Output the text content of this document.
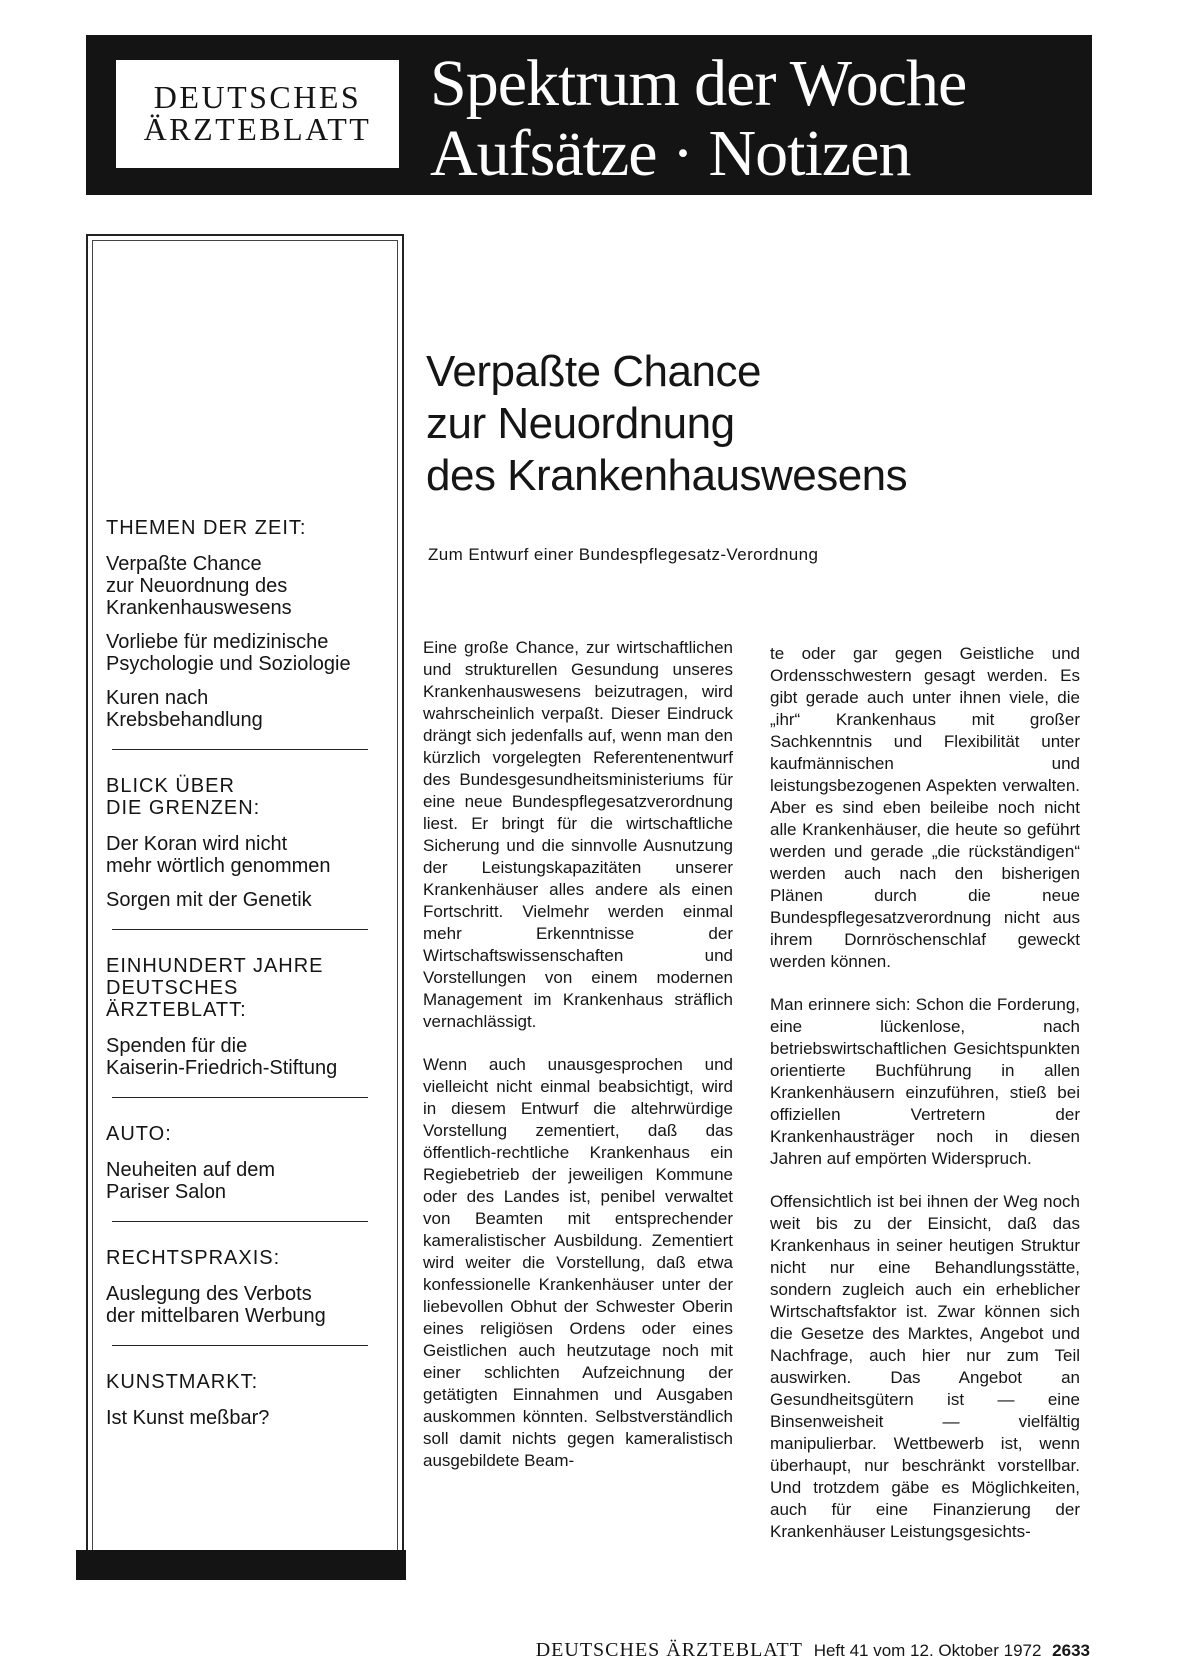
DEUTSCHES
ÄRZTEBLATT
Spektrum der Woche
Aufsätze · Notizen
THEMEN DER ZEIT:
Verpaßte Chance
zur Neuordnung des
Krankenhauswesens
Vorliebe für medizinische
Psychologie und Soziologie
Kuren nach
Krebsbehandlung
BLICK ÜBER
DIE GRENZEN:
Der Koran wird nicht
mehr wörtlich genommen
Sorgen mit der Genetik
EINHUNDERT JAHRE
DEUTSCHES
ÄRZTEBLATT:
Spenden für die
Kaiserin-Friedrich-Stiftung
AUTO:
Neuheiten auf dem
Pariser Salon
RECHTSPRAXIS:
Auslegung des Verbots
der mittelbaren Werbung
KUNSTMARKT:
Ist Kunst meßbar?
Verpaßte Chance
zur Neuordnung
des Krankenhauswesens
Zum Entwurf einer Bundespflegesatz-Verordnung

Eine große Chance, zur wirtschaftlichen und strukturellen Gesundung unseres Krankenhauswesens beizutragen, wird wahrscheinlich verpaßt. Dieser Eindruck drängt sich jedenfalls auf, wenn man den kürzlich vorgelegten Referentenentwurf des Bundesgesundheitsministeriums für eine neue Bundespflegesatzverordnung liest. Er bringt für die wirtschaftliche Sicherung und die sinnvolle Ausnutzung der Leistungskapazitäten unserer Krankenhäuser alles andere als einen Fortschritt. Vielmehr werden einmal mehr Erkenntnisse der Wirtschaftswissenschaften und Vorstellungen von einem modernen Management im Krankenhaus sträflich vernachlässigt.

Wenn auch unausgesprochen und vielleicht nicht einmal beabsichtigt, wird in diesem Entwurf die altehrwürdige Vorstellung zementiert, daß das öffentlich-rechtliche Krankenhaus ein Regiebetrieb der jeweiligen Kommune oder des Landes ist, penibel verwaltet von Beamten mit entsprechender kameralistischer Ausbildung. Zementiert wird weiter die Vorstellung, daß etwa konfessionelle Krankenhäuser unter der liebevollen Obhut der Schwester Oberin eines religiösen Ordens oder eines Geistlichen auch heutzutage noch mit einer schlichten Aufzeichnung der getätigten Einnahmen und Ausgaben auskommen könnten. Selbstverständlich soll damit nichts gegen kameralistisch ausgebildete Beam-

te oder gar gegen Geistliche und Ordensschwestern gesagt werden. Es gibt gerade auch unter ihnen viele, die „ihr“ Krankenhaus mit großer Sachkenntnis und Flexibilität unter kaufmännischen und leistungsbezogenen Aspekten verwalten. Aber es sind eben beileibe noch nicht alle Krankenhäuser, die heute so geführt werden und gerade „die rückständigen“ werden auch nach den bisherigen Plänen durch die neue Bundespflegesatzverordnung nicht aus ihrem Dornröschenschlaf geweckt werden können.

Man erinnere sich: Schon die Forderung, eine lückenlose, nach betriebswirtschaftlichen Gesichtspunkten orientierte Buchführung in allen Krankenhäusern einzuführen, stieß bei offiziellen Vertretern der Krankenhausträger noch in diesen Jahren auf empörten Widerspruch.

Offensichtlich ist bei ihnen der Weg noch weit bis zu der Einsicht, daß das Krankenhaus in seiner heutigen Struktur nicht nur eine Behandlungsstätte, sondern zugleich auch ein erheblicher Wirtschaftsfaktor ist. Zwar können sich die Gesetze des Marktes, Angebot und Nachfrage, auch hier nur zum Teil auswirken. Das Angebot an Gesundheitsgütern ist — eine Binsenweisheit — vielfältig manipulierbar. Wettbewerb ist, wenn überhaupt, nur beschränkt vorstellbar. Und trotzdem gäbe es Möglichkeiten, auch für eine Finanzierung der Krankenhäuser Leistungsgesichts-

DEUTSCHES ÄRZTEBLATT Heft 41 vom 12. Oktober 1972 2633
